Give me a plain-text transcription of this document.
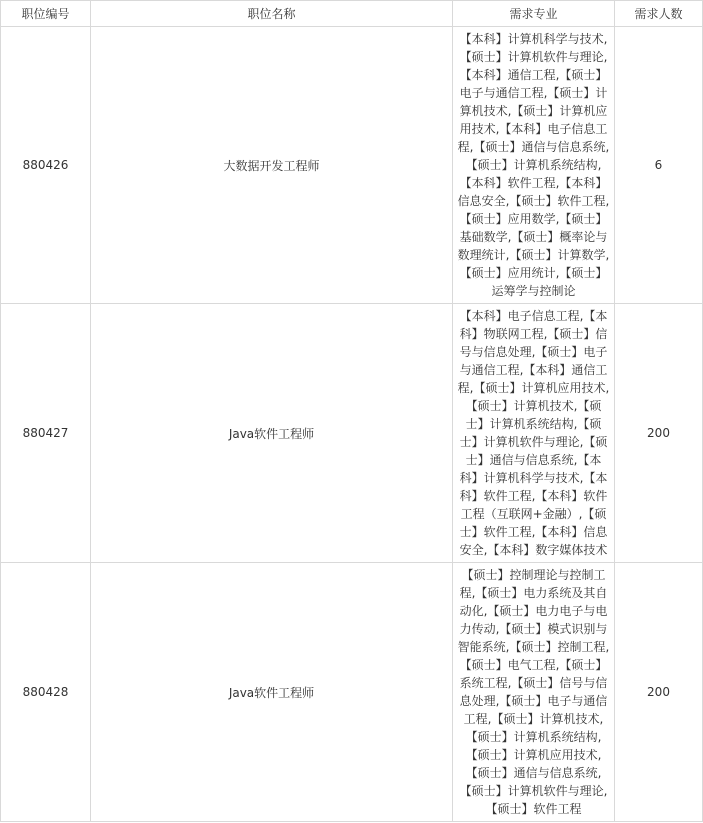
职位编号	职位名称	需求专业	需求人数
880426	大数据开发工程师	【本科】计算机科学与技术,【硕士】计算机软件与理论,【本科】通信工程,【硕士】电子与通信工程,【硕士】计算机技术,【硕士】计算机应用技术,【本科】电子信息工程,【硕士】通信与信息系统,【硕士】计算机系统结构,【本科】软件工程,【本科】信息安全,【硕士】软件工程,【硕士】应用数学,【硕士】基础数学,【硕士】概率论与数理统计,【硕士】计算数学,【硕士】应用统计,【硕士】运筹学与控制论	6
880427	Java软件工程师	【本科】电子信息工程,【本科】物联网工程,【硕士】信号与信息处理,【硕士】电子与通信工程,【本科】通信工程,【硕士】计算机应用技术,【硕士】计算机技术,【硕士】计算机系统结构,【硕士】计算机软件与理论,【硕士】通信与信息系统,【本科】计算机科学与技术,【本科】软件工程,【本科】软件工程（互联网+金融）,【硕士】软件工程,【本科】信息安全,【本科】数字媒体技术	200
880428	Java软件工程师	【硕士】控制理论与控制工程,【硕士】电力系统及其自动化,【硕士】电力电子与电力传动,【硕士】模式识别与智能系统,【硕士】控制工程,【硕士】电气工程,【硕士】系统工程,【硕士】信号与信息处理,【硕士】电子与通信工程,【硕士】计算机技术,【硕士】计算机系统结构,【硕士】计算机应用技术,【硕士】通信与信息系统,【硕士】计算机软件与理论,【硕士】软件工程	200
